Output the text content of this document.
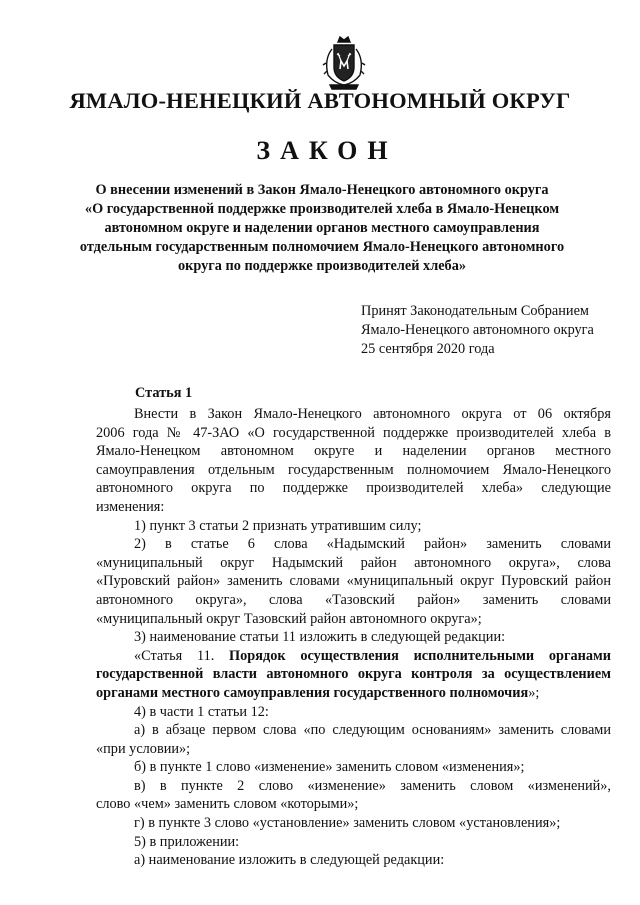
ЯМАЛО-НЕНЕЦКИЙ АВТОНОМНЫЙ ОКРУГ
ЗАКОН
О внесении изменений в Закон Ямало-Ненецкого автономного округа
«О государственной поддержке производителей хлеба в Ямало-Ненецком
автономном округе и наделении органов местного самоуправления
отдельным государственным полномочием Ямало-Ненецкого автономного
округа по поддержке производителей хлеба»
Принят Законодательным Собранием
Ямало-Ненецкого автономного округа
25 сентября 2020 года
Статья 1
Внести в Закон Ямало-Ненецкого автономного округа от 06 октября
2006 года № 47-ЗАО «О государственной поддержке производителей хлеба в
Ямало-Ненецком автономном округе и наделении органов местного
самоуправления отдельным государственным полномочием Ямало-Ненецкого
автономного округа по поддержке производителей хлеба» следующие
изменения:
1) пункт 3 статьи 2 признать утратившим силу;
2) в статье 6 слова «Надымский район» заменить словами
«муниципальный округ Надымский район автономного округа», слова
«Пуровский район» заменить словами «муниципальный округ Пуровский район
автономного округа», слова «Тазовский район» заменить словами
«муниципальный округ Тазовский район автономного округа»;
3) наименование статьи 11 изложить в следующей редакции:
«Статья 11. Порядок осуществления исполнительными органами
государственной власти автономного округа контроля за осуществлением
органами местного самоуправления государственного полномочия»;
4) в части 1 статьи 12:
а) в абзаце первом слова «по следующим основаниям» заменить словами
«при условии»;
б) в пункте 1 слово «изменение» заменить словом «изменения»;
в) в пункте 2 слово «изменение» заменить словом «изменений»,
слово «чем» заменить словом «которыми»;
г) в пункте 3 слово «установление» заменить словом «установления»;
5) в приложении:
а) наименование изложить в следующей редакции:
